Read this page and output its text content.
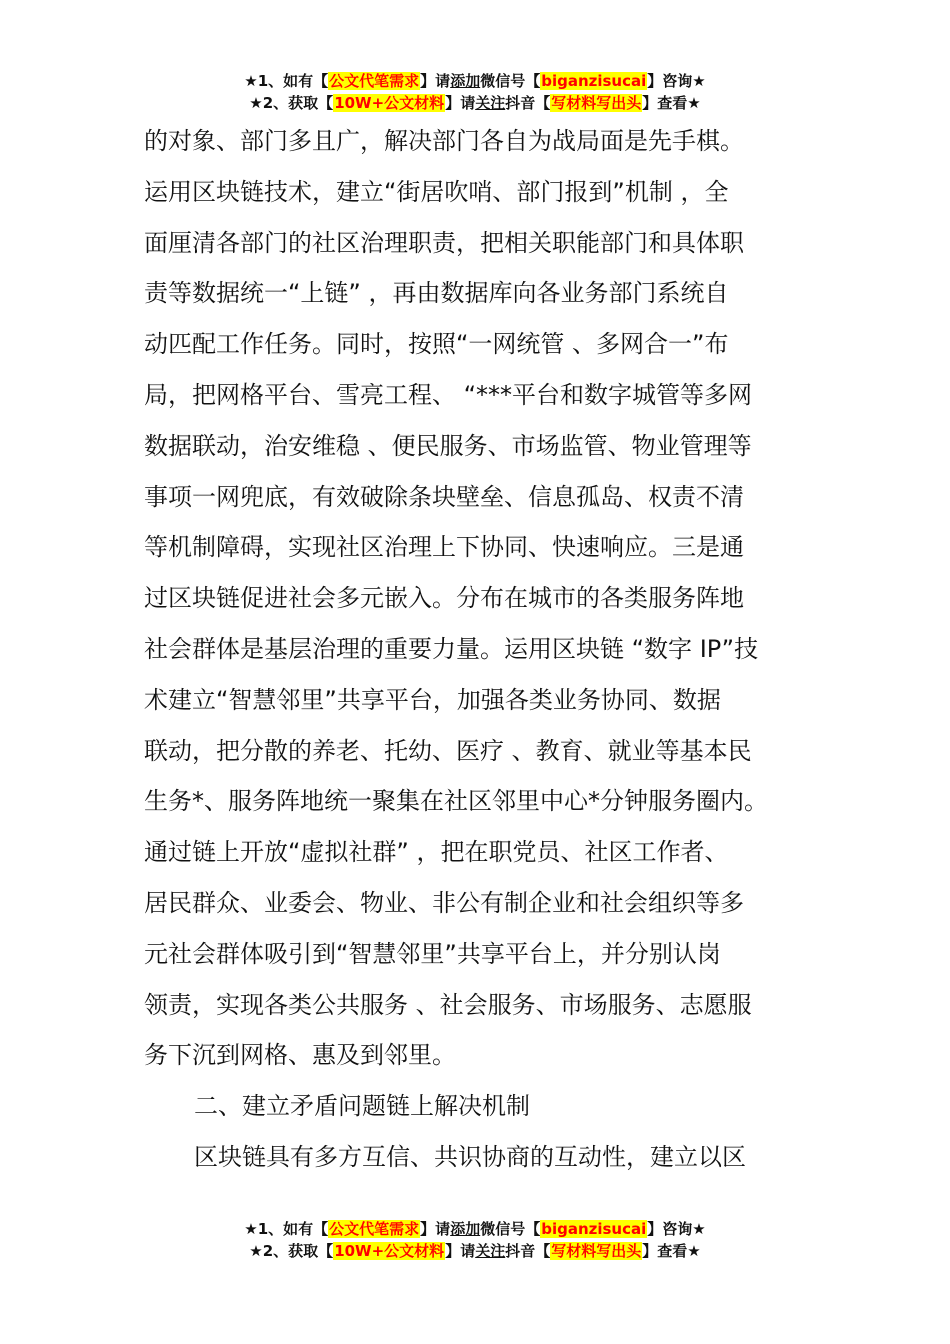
★1、如有【公文代笔需求】请添加微信号【biganzisucai】咨询★
★2、获取【10W+公文材料】请关注抖音【写材料写出头】查看★
的对象、部门多且广，解决部门各自为战局面是先手棋。
运用区块链技术，建立“街居吹哨、部门报到”机制 ，全
面厘清各部门的社区治理职责，把相关职能部门和具体职
责等数据统一“上链” ，再由数据库向各业务部门系统自
动匹配工作任务。同时，按照“一网统管 、多网合一”布
局，把网格平台、雪亮工程、 “***平台和数字城管等多网
数据联动，治安维稳 、便民服务、市场监管、物业管理等
事项一网兜底，有效破除条块壁垒、信息孤岛、权责不清
等机制障碍，实现社区治理上下协同、快速响应。三是通
过区块链促进社会多元嵌入。分布在城市的各类服务阵地
社会群体是基层治理的重要力量。运用区块链 “数字 IP”技
术建立“智慧邻里”共享平台，加强各类业务协同、数据
联动，把分散的养老、托幼、医疗 、教育、就业等基本民
生务*、服务阵地统一聚集在社区邻里中心*分钟服务圈内。
通过链上开放“虚拟社群” ，把在职党员、社区工作者、
居民群众、业委会、物业、非公有制企业和社会组织等多
元社会群体吸引到“智慧邻里”共享平台上，并分别认岗
领责，实现各类公共服务 、社会服务、市场服务、志愿服
务下沉到网格、惠及到邻里。
二、建立矛盾问题链上解决机制
区块链具有多方互信、共识协商的互动性，建立以区
★1、如有【公文代笔需求】请添加微信号【biganzisucai】咨询★
★2、获取【10W+公文材料】请关注抖音【写材料写出头】查看★
